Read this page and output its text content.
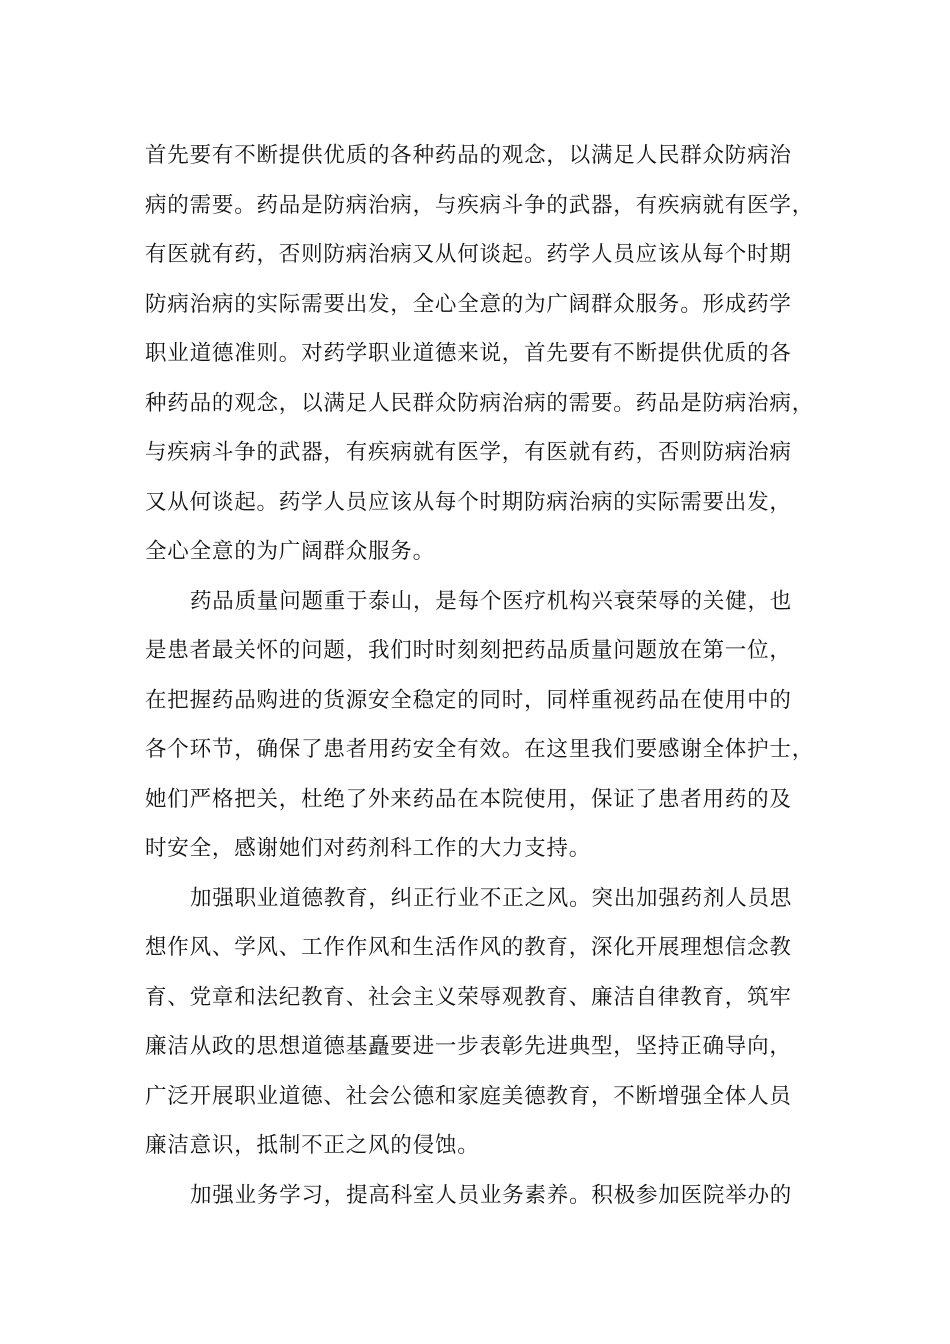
首先要有不断提供优质的各种药品的观念，以满足人民群众防病治
病的需要。药品是防病治病，与疾病斗争的武器，有疾病就有医学，
有医就有药，否则防病治病又从何谈起。药学人员应该从每个时期
防病治病的实际需要出发，全心全意的为广阔群众服务。形成药学
职业道德准则。对药学职业道德来说，首先要有不断提供优质的各
种药品的观念，以满足人民群众防病治病的需要。药品是防病治病，
与疾病斗争的武器，有疾病就有医学，有医就有药，否则防病治病
又从何谈起。药学人员应该从每个时期防病治病的实际需要出发，
全心全意的为广阔群众服务。
药品质量问题重于泰山，是每个医疗机构兴衰荣辱的关健，也
是患者最关怀的问题，我们时时刻刻把药品质量问题放在第一位，
在把握药品购进的货源安全稳定的同时，同样重视药品在使用中的
各个环节，确保了患者用药安全有效。在这里我们要感谢全体护士，
她们严格把关，杜绝了外来药品在本院使用，保证了患者用药的及
时安全，感谢她们对药剂科工作的大力支持。
加强职业道德教育，纠正行业不正之风。突出加强药剂人员思
想作风、学风、工作作风和生活作风的教育，深化开展理想信念教
育、党章和法纪教育、社会主义荣辱观教育、廉洁自律教育，筑牢
廉洁从政的思想道德基矗要进一步表彰先进典型，坚持正确导向，
广泛开展职业道德、社会公德和家庭美德教育，不断增强全体人员
廉洁意识，抵制不正之风的侵蚀。
加强业务学习，提高科室人员业务素养。积极参加医院举办的
